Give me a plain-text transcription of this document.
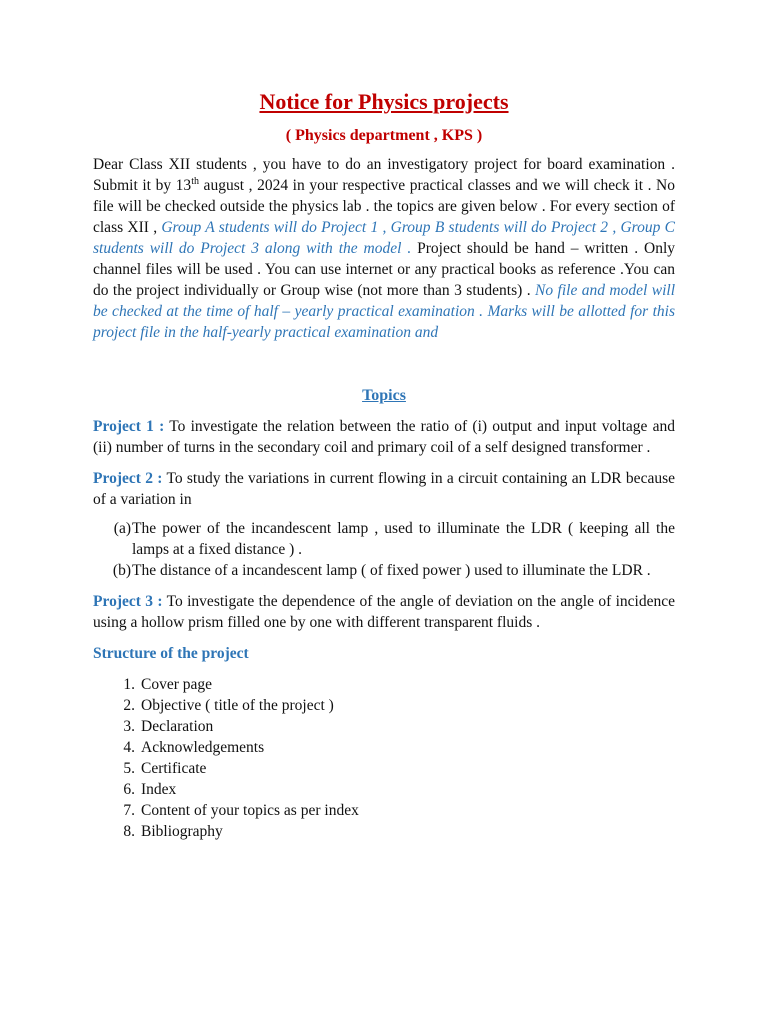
Notice for Physics projects
( Physics department , KPS )

Dear Class XII students , you have to do an investigatory project for board examination . Submit it by 13th august , 2024 in your respective practical classes and we will check it . No file will be checked outside the physics lab . the topics are given below . For every section of class XII , Group A students will do Project 1 , Group B students will do Project 2 , Group C students will do Project 3 along with the model . Project should be hand – written . Only channel files will be used . You can use internet or any practical books as reference .You can do the project individually or Group wise (not more than 3 students) . No file and model will be checked at the time of half – yearly practical examination . Marks will be allotted for this project file in the half-yearly practical examination and

Topics

Project 1 : To investigate the relation between the ratio of (i) output and input voltage and (ii) number of turns in the secondary coil and primary coil of a self designed transformer .

Project 2 : To study the variations in current flowing in a circuit containing an LDR because of a variation in

(a) The power of the incandescent lamp , used to illuminate the LDR ( keeping all the lamps at a fixed distance ) .
(b) The distance of a incandescent lamp ( of fixed power ) used to illuminate the LDR .

Project 3 : To investigate the dependence of the angle of deviation on the angle of incidence using a hollow prism filled one by one with different transparent fluids .

Structure of the project
1. Cover page
2. Objective ( title of the project )
3. Declaration
4. Acknowledgements
5. Certificate
6. Index
7. Content of your topics as per index
8. Bibliography
